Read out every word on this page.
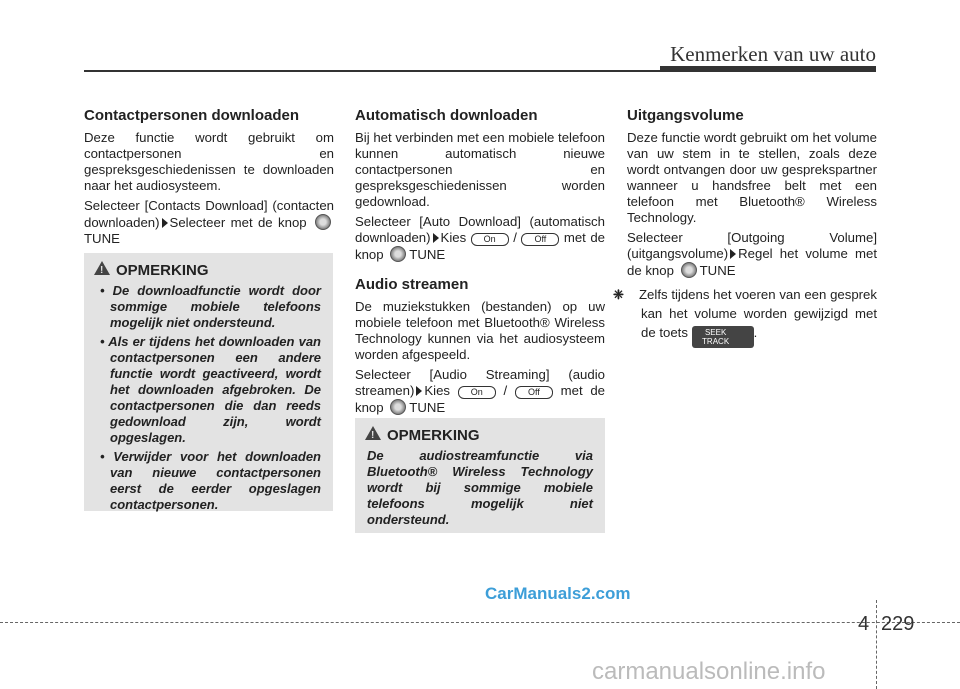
Kenmerken van uw auto
Contactpersonen downloaden

Deze functie wordt gebruikt om contactpersonen en gespreksgeschiedenissen te downloaden naar het audiosysteem.

Selecteer [Contacts Download] (contacten downloaden) Selecteer met de knop TUNE

!
OPMERKING
• De downloadfunctie wordt door sommige mobiele telefoons mogelijk niet ondersteund.
• Als er tijdens het downloaden van contactpersonen een andere functie wordt geactiveerd, wordt het downloaden afgebroken. De contactpersonen die dan reeds gedownload zijn, wordt opgeslagen.
• Verwijder voor het downloaden van nieuwe contactpersonen eerst de eerder opgeslagen contactpersonen.
Automatisch downloaden

Bij het verbinden met een mobiele telefoon kunnen automatisch nieuwe contactpersonen en gespreksgeschiedenissen worden gedownload.

Selecteer [Auto Download] (automatisch downloaden) Kies On / Off met de knop TUNE

Audio streamen

De muziekstukken (bestanden) op uw mobiele telefoon met Bluetooth® Wireless Technology kunnen via het audiosysteem worden afgespeeld.

Selecteer [Audio Streaming] (audio streamen) Kies On / Off met de knop TUNE

!
OPMERKING

De audiostreamfunctie via Bluetooth® Wireless Technology wordt bij sommige mobiele telefoons mogelijk niet ondersteund.

Uitgangsvolume

Deze functie wordt gebruikt om het volume van uw stem in te stellen, zoals deze wordt ontvangen door uw gesprekspartner wanneer u handsfree belt met een telefoon met Bluetooth® Wireless Technology.

Selecteer [Outgoing Volume] (uitgangsvolume) Regel het volume met de knop TUNE

❈ Zelfs tijdens het voeren van een gesprek kan het volume worden gewijzigd met de toets	SEEK
TRACK
.

CarManuals2.com
4 229
carmanualsonline.info
